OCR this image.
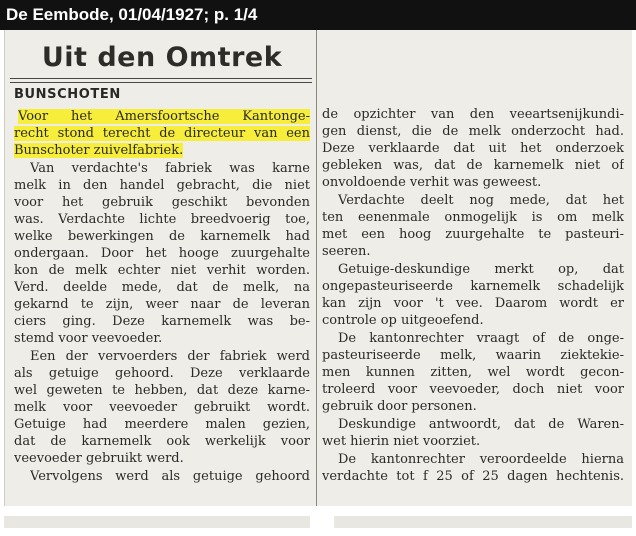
De Eembode, 01/04/1927; p. 1/4
Uit den Omtrek
BUNSCHOTEN
Voor het Amersfoortsche Kantonge-
recht stond terecht de directeur van een
Bunschoter zuivelfabriek.
Van verdachte's fabriek was karne
melk in den handel gebracht, die niet
voor het gebruik geschikt bevonden
was. Verdachte lichte breedvoerig toe,
welke bewerkingen de karnemelk had
ondergaan. Door het hooge zuurgehalte
kon de melk echter niet verhit worden.
Verd. deelde mede, dat de melk, na
gekarnd te zijn, weer naar de leveran
ciers ging. Deze karnemelk was be-
stemd voor veevoeder.
Een der vervoerders der fabriek werd
als getuige gehoord. Deze verklaarde
wel geweten te hebben, dat deze karne-
melk voor veevoeder gebruikt wordt.
Getuige had meerdere malen gezien,
dat de karnemelk ook werkelijk voor
veevoeder gebruikt werd.
Vervolgens werd als getuige gehoord
de opzichter van den veeartsenijkundi-
gen dienst, die de melk onderzocht had.
Deze verklaarde dat uit het onderzoek
gebleken was, dat de karnemelk niet of
onvoldoende verhit was geweest.
Verdachte deelt nog mede, dat het
ten eenenmale onmogelijk is om melk
met een hoog zuurgehalte te pasteuri-
seeren.
Getuige-deskundige merkt op, dat
ongepasteuriseerde karnemelk schadelijk
kan zijn voor 't vee. Daarom wordt er
controle op uitgeoefend.
De kantonrechter vraagt of de onge-
pasteuriseerde melk, waarin ziektekie-
men kunnen zitten, wel wordt gecon-
troleerd voor veevoeder, doch niet voor
gebruik door personen.
Deskundige antwoordt, dat de Waren-
wet hierin niet voorziet.
De kantonrechter veroordeelde hierna
verdachte tot f 25 of 25 dagen hechtenis.
